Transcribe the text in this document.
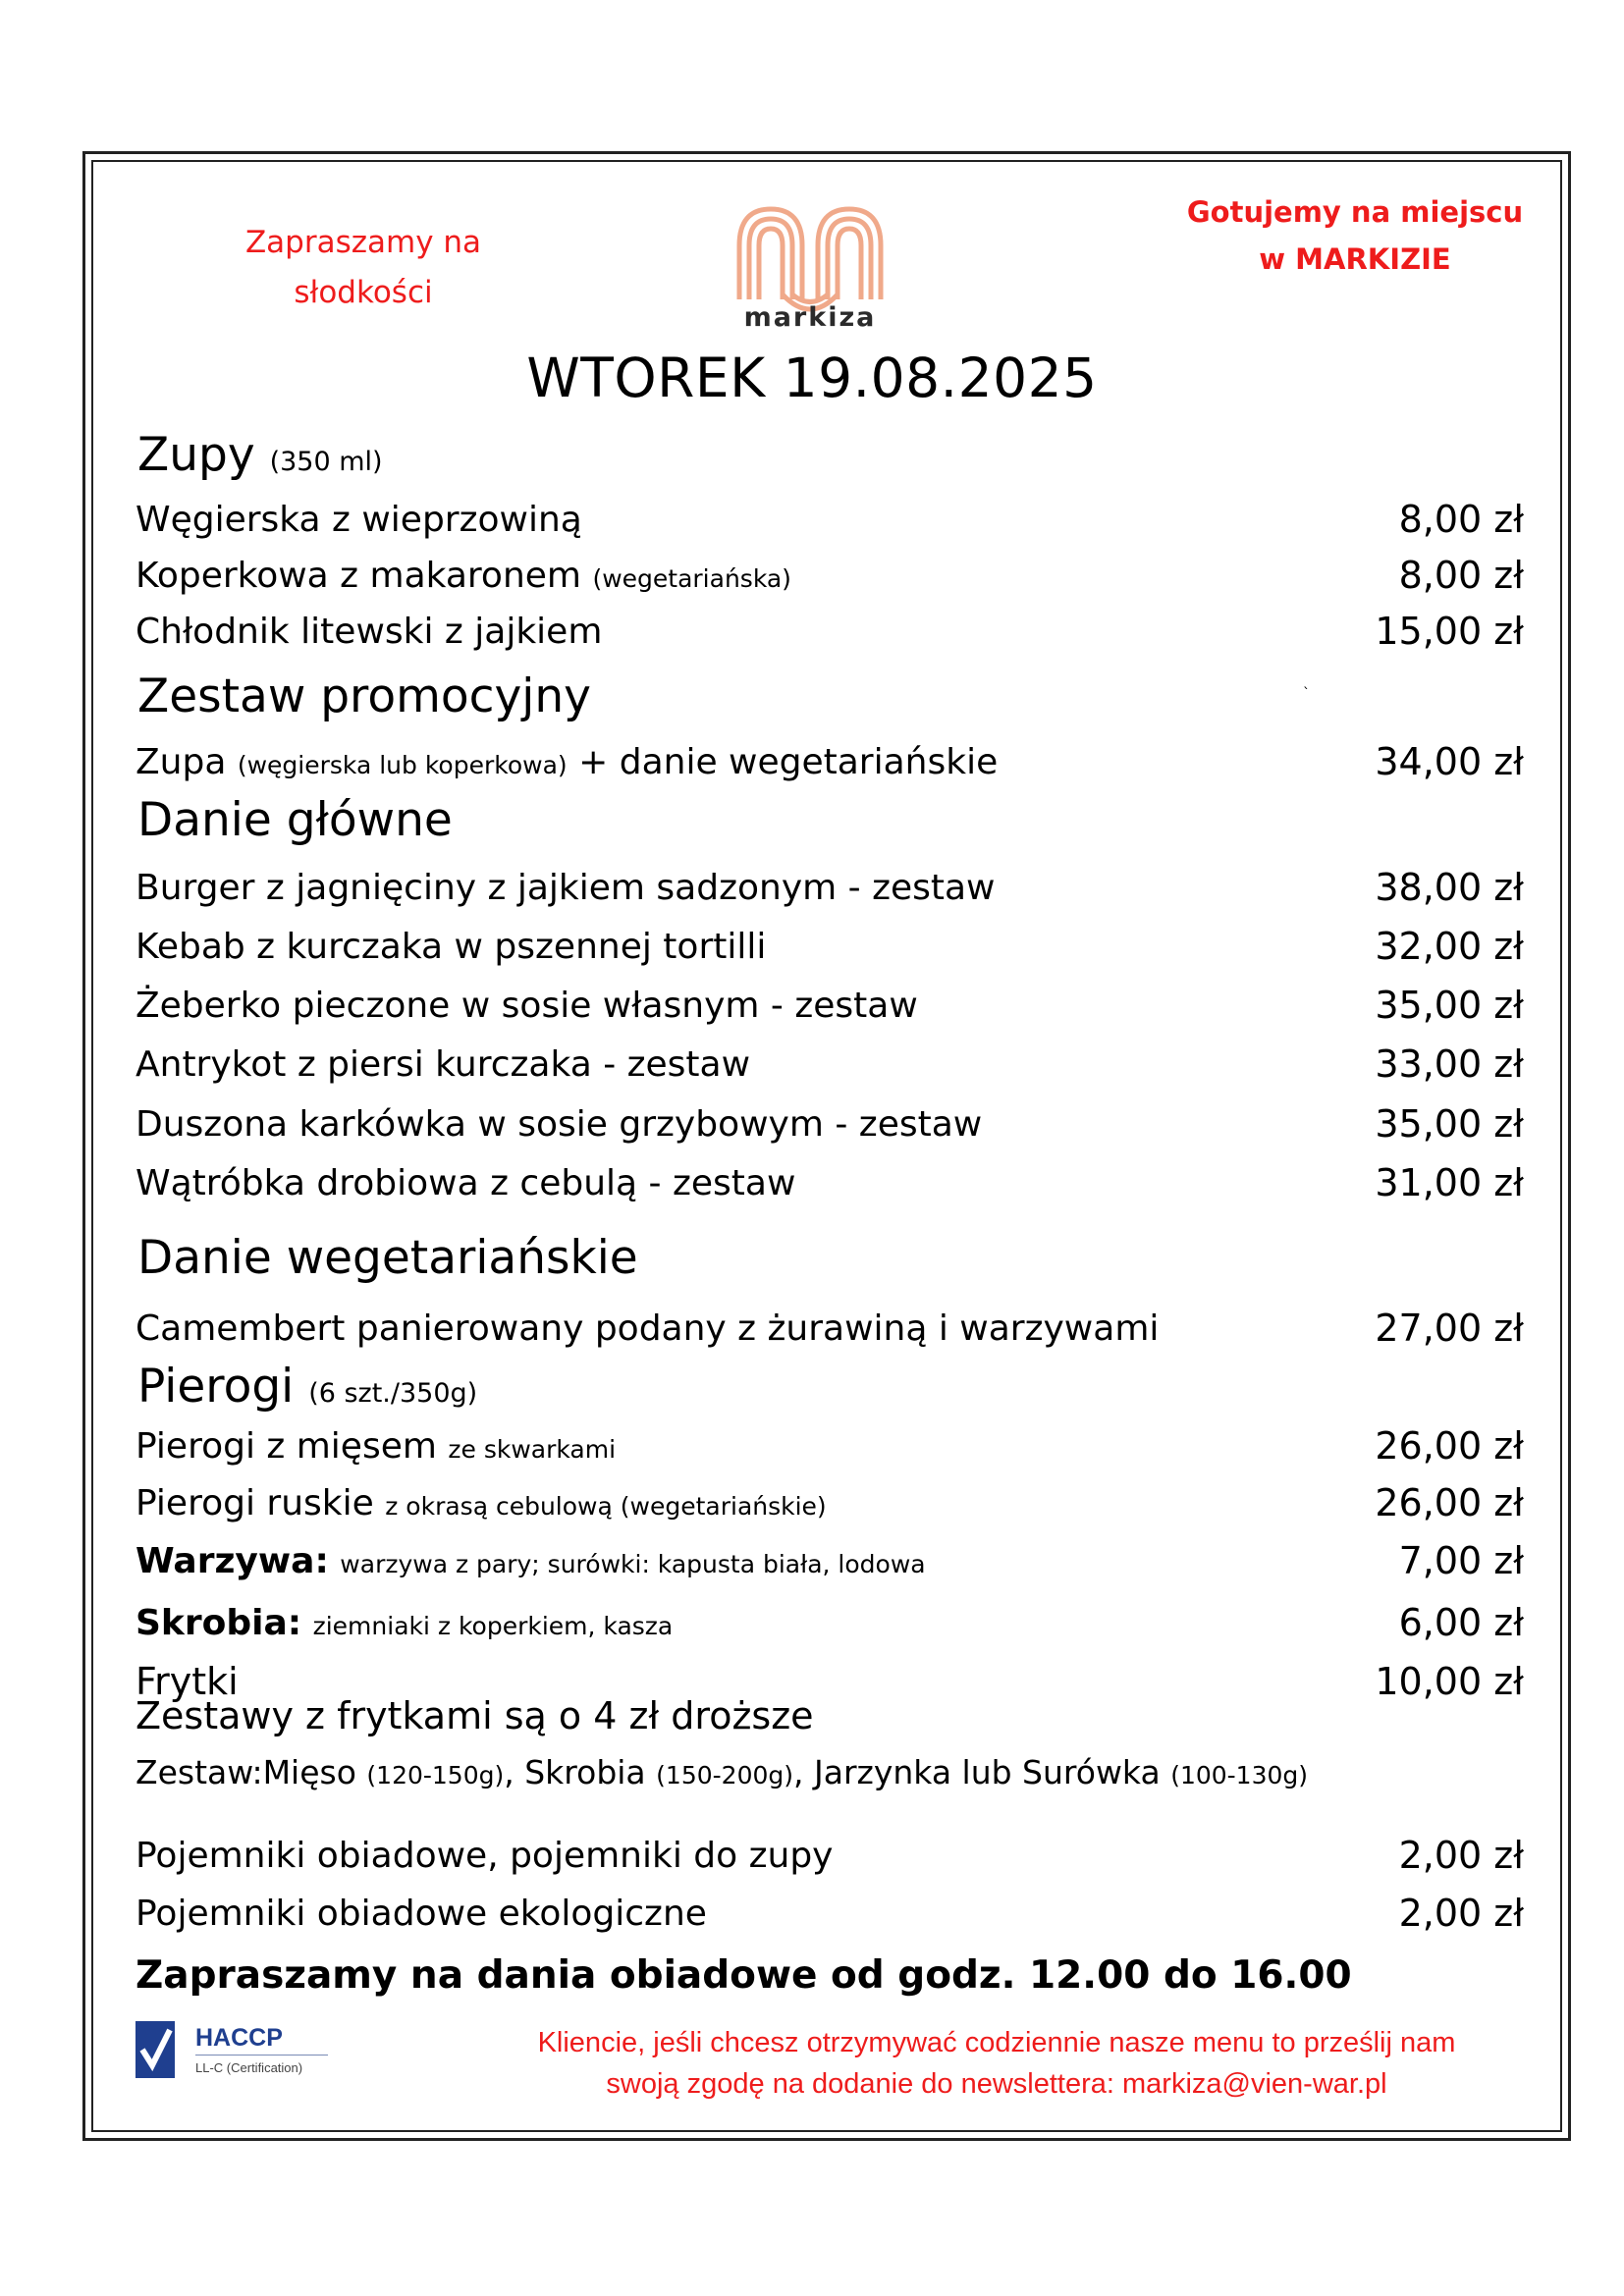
Zapraszamy na
słodkości
markiza
Gotujemy na miejscu
w MARKIZIE
WTOREK 19.08.2025
Zupy (350 ml)
Węgierska z wieprzowiną	8,00 zł
Koperkowa z makaronem (wegetariańska)	8,00 zł
Chłodnik litewski z jajkiem	15,00 zł
Zestaw promocyjny	`
Zupa (węgierska lub koperkowa) + danie wegetariańskie	34,00 zł
Danie główne
Burger z jagnięciny z jajkiem sadzonym - zestaw	38,00 zł
Kebab z kurczaka w pszennej tortilli	32,00 zł
Żeberko pieczone w sosie własnym - zestaw	35,00 zł
Antrykot z piersi kurczaka - zestaw	33,00 zł
Duszona karkówka w sosie grzybowym - zestaw	35,00 zł
Wątróbka drobiowa z cebulą - zestaw	31,00 zł
Danie wegetariańskie
Camembert panierowany podany z żurawiną i warzywami	27,00 zł
Pierogi (6 szt./350g)
Pierogi z mięsem ze skwarkami	26,00 zł
Pierogi ruskie z okrasą cebulową (wegetariańskie)	26,00 zł
Warzywa: warzywa z pary; surówki: kapusta biała, lodowa	7,00 zł
Skrobia: ziemniaki z koperkiem, kasza	6,00 zł
Frytki	10,00 zł
Zestawy z frytkami są o 4 zł droższe
Zestaw:Mięso (120-150g), Skrobia (150-200g), Jarzynka lub Surówka (100-130g)
Pojemniki obiadowe, pojemniki do zupy	2,00 zł
Pojemniki obiadowe ekologiczne	2,00 zł
Zapraszamy na dania obiadowe od godz. 12.00 do 16.00
HACCP
LL-C (Certification)
Kliencie, jeśli chcesz otrzymywać codziennie nasze menu to prześlij nam
swoją zgodę na dodanie do newslettera: markiza@vien-war.pl
